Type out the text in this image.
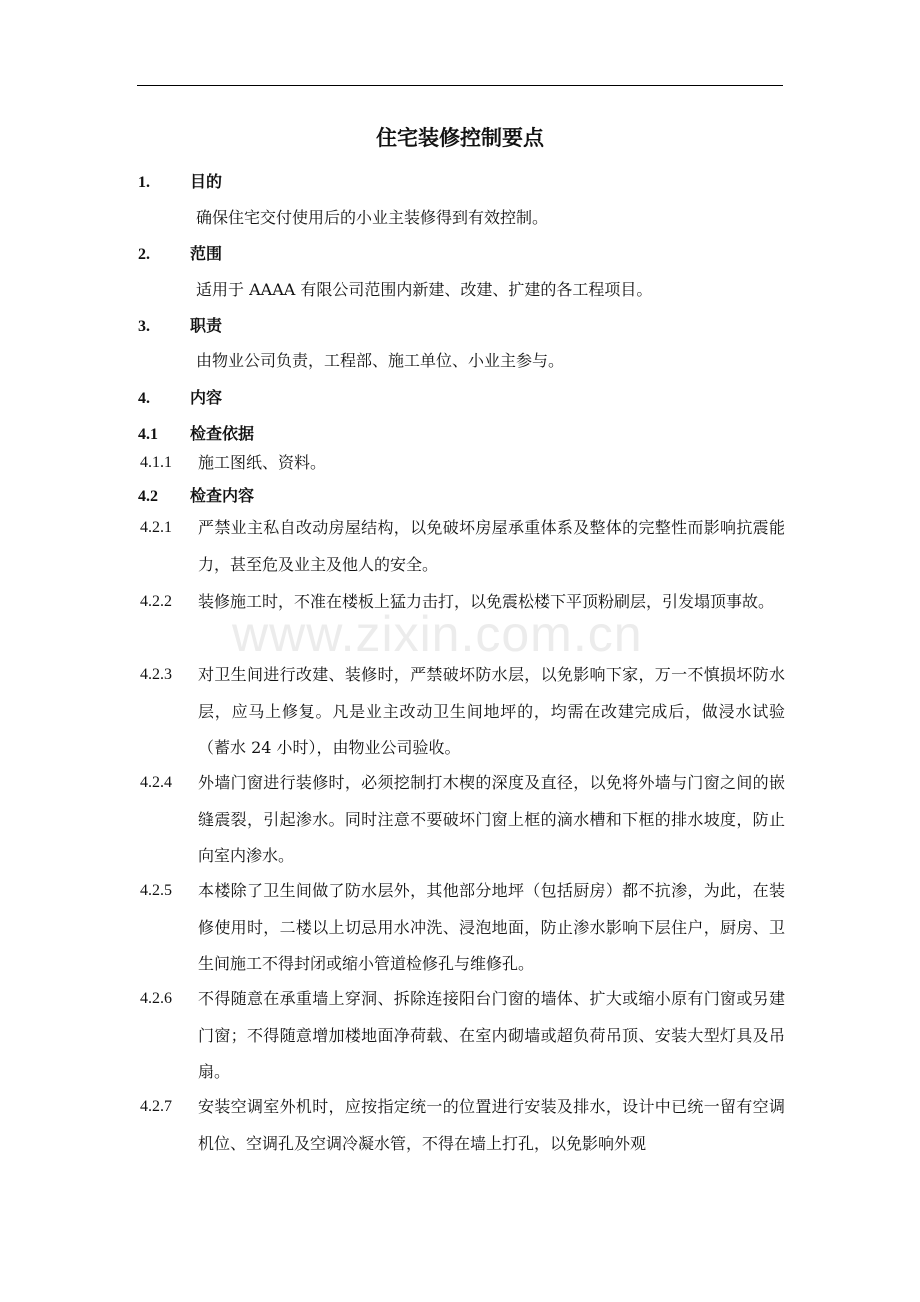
住宅装修控制要点
1.	目的
确保住宅交付使用后的小业主装修得到有效控制。
2.	范围
适用于 AAAA 有限公司范围内新建、改建、扩建的各工程项目。
3.	职责
由物业公司负责，工程部、施工单位、小业主参与。
4.	内容
4.1 检查依据
4.1.1 施工图纸、资料。
4.2 检查内容
4.2.1 严禁业主私自改动房屋结构，以免破坏房屋承重体系及整体的完整性而影响抗震能力，甚至危及业主及他人的安全。
4.2.2 装修施工时，不准在楼板上猛力击打，以免震松楼下平顶粉刷层，引发塌顶事故。
4.2.3 对卫生间进行改建、装修时，严禁破坏防水层，以免影响下家，万一不慎损坏防水层，应马上修复。凡是业主改动卫生间地坪的，均需在改建完成后，做浸水试验（蓄水 24 小时），由物业公司验收。
4.2.4 外墙门窗进行装修时，必须挖制打木楔的深度及直径，以免将外墙与门窗之间的嵌缝震裂，引起渗水。同时注意不要破坏门窗上框的滴水槽和下框的排水坡度，防止向室内渗水。
4.2.5 本楼除了卫生间做了防水层外，其他部分地坪（包括厨房）都不抗渗，为此，在装修使用时，二楼以上切忌用水冲洗、浸泡地面，防止渗水影响下层住户，厨房、卫生间施工不得封闭或缩小管道检修孔与维修孔。
4.2.6 不得随意在承重墙上穿洞、拆除连接阳台门窗的墙体、扩大或缩小原有门窗或另建门窗；不得随意增加楼地面净荷载、在室内砌墙或超负荷吊顶、安装大型灯具及吊扇。
4.2.7 安装空调室外机时，应按指定统一的位置进行安装及排水，设计中已统一留有空调机位、空调孔及空调冷凝水管，不得在墙上打孔，以免影响外观
www.zixin.com.cn
